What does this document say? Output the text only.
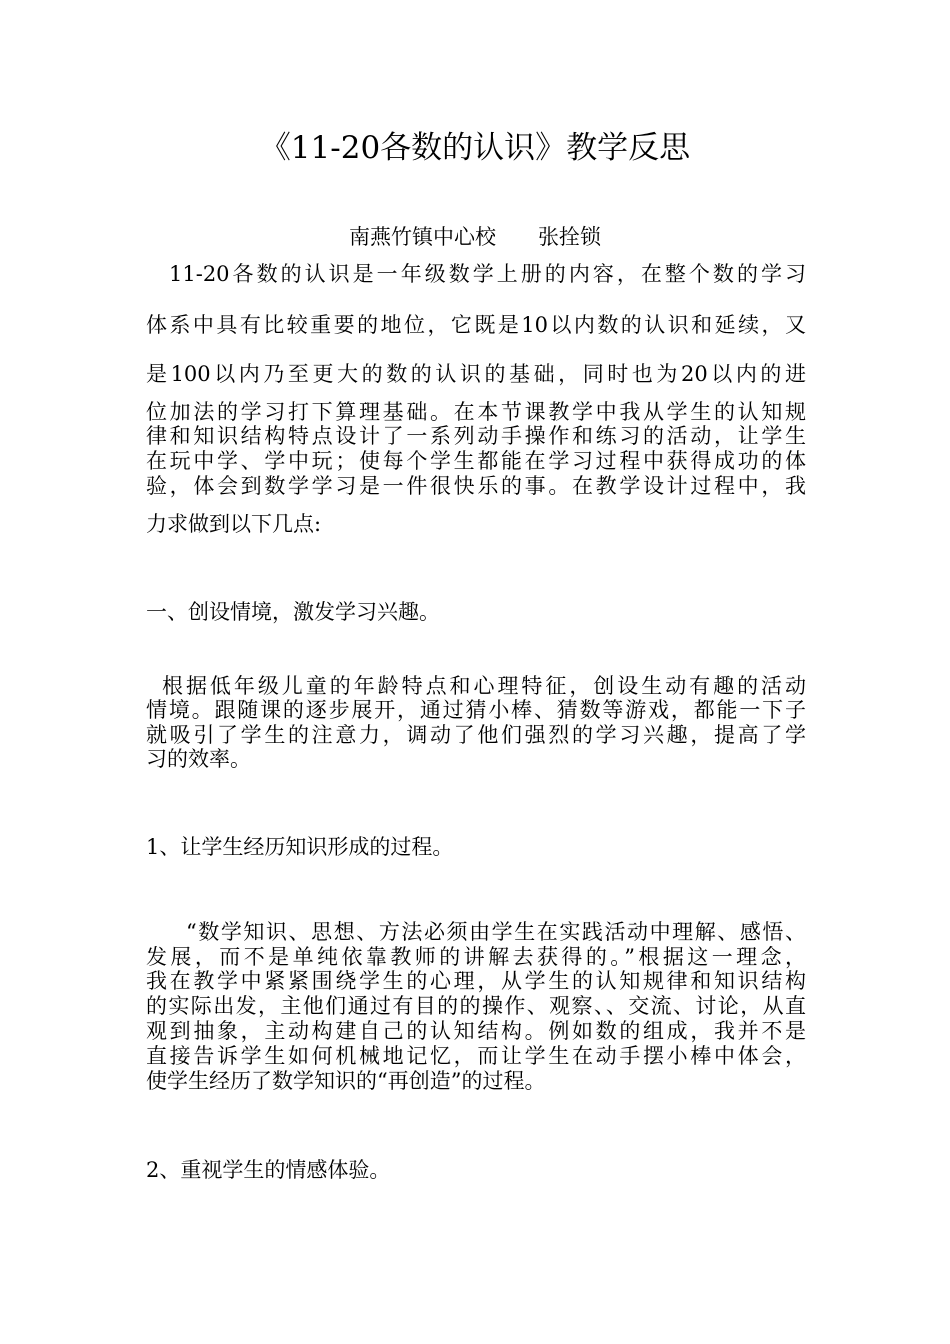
《11-20各数的认识》教学反思
南燕竹镇中心校 张拴锁
11-20各数的认识是一年级数学上册的内容，在整个数的学习
体系中具有比较重要的地位，它既是10以内数的认识和延续，又
是100以内乃至更大的数的认识的基础，同时也为20以内的进
位加法的学习打下算理基础。在本节课教学中我从学生的认知规
律和知识结构特点设计了一系列动手操作和练习的活动，让学生
在玩中学、学中玩；使每个学生都能在学习过程中获得成功的体
验，体会到数学学习是一件很快乐的事。在教学设计过程中，我
力求做到以下几点:
一、创设情境，激发学习兴趣。
根据低年级儿童的年龄特点和心理特征，创设生动有趣的活动
情境。跟随课的逐步展开，通过猜小棒、猜数等游戏，都能一下子
就吸引了学生的注意力，调动了他们强烈的学习兴趣，提高了学
习的效率。
1、让学生经历知识形成的过程。
“数学知识、思想、方法必须由学生在实践活动中理解、感悟、
发展，而不是单纯依靠教师的讲解去获得的。”根据这一理念，
我在教学中紧紧围绕学生的心理，从学生的认知规律和知识结构
的实际出发，主他们通过有目的的操作、观察、、交流、讨论，从直
观到抽象，主动构建自己的认知结构。例如数的组成，我并不是
直接告诉学生如何机械地记忆，而让学生在动手摆小棒中体会，
使学生经历了数学知识的“再创造”的过程。
2、重视学生的情感体验。
